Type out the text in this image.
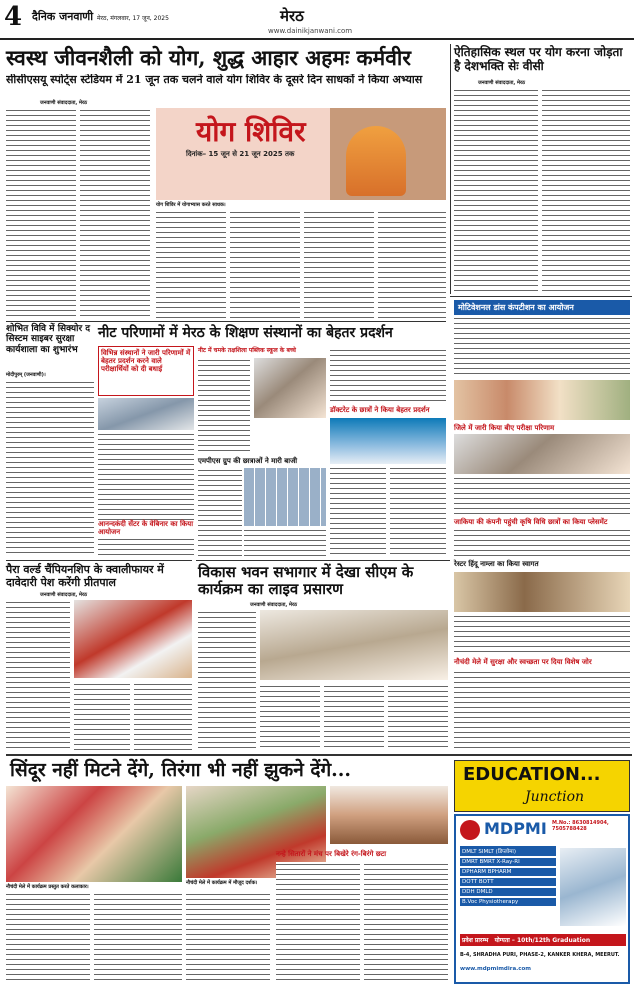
4 दैनिक जनवाणी मेरठ, मंगलवार, 17 जून, 2025	मेरठ
www.dainikjanwani.com
स्वस्थ जीवनशैली को योग, शुद्ध आहार अहमः कर्मवीर
सीसीएसयू स्पोर्ट्स स्टेडियम में 21 जून तक चलने वाले योग शिविर के दूसरे दिन साधकों ने किया अभ्यास
जनवाणी संवाददाता, मेरठ
योग शिविर
दिनांक– 15 जून से 21 जून 2025 तक
योग शिविर में योगाभ्यास करते साधक।
ऐतिहासिक स्थल पर योग करना जोड़ता है देशभक्ति सेः वीसी
जनवाणी संवाददाता, मेरठ
शोभित विवि में सिक्योर द सिस्टम साइबर सुरक्षा कार्यशाला का शुभारंभ
मोदीपुरम् (जनवाणी)।
नीट परिणामों में मेरठ के शिक्षण संस्थानों का बेहतर प्रदर्शन
विभिन्न संस्थानों ने जारी परिणामों में बेहतर प्रदर्शन करने वाले परीक्षार्थियों को दी बधाई
नीट में चमके तक्षशिला पब्लिक स्कूल के बच्चे
एमपीएस ग्रुप की छात्राओं ने मारी बाजी
डॉक्टरेट के छात्रों ने किया बेहतर प्रदर्शन
आनन्दकंदी सेंटर के वेबिनार का किया आयोजन
मोटिवेशनल डांस कंपटीशन का आयोजन
जिले में जारी किया बीए परीक्षा परिणाम
जाकिया की कंपनी पहुंची कृषि विधि छात्रों का किया प्लेसमेंट
पैरा वर्ल्ड चैंपियनशिप के क्वालीफायर में दावेदारी पेश करेंगी प्रीतपाल
जनवाणी संवाददाता, मेरठ
विकास भवन सभागार में देखा सीएम के कार्यक्रम का लाइव प्रसारण
जनवाणी संवाददाता, मेरठ
रेस्टर हिंदू नाम्ला का किया स्वागत
नौचंदी मेले में सुरक्षा और स्वच्छता पर दिया विशेष जोर
सिंदूर नहीं मिटने देंगे, तिरंगा भी नहीं झुकने देंगे...
नौचंदी मेले में कार्यक्रम प्रस्तुत करते कलाकार।
नौचंदी मेले में कार्यक्रम में मौजूद दर्शक।
नन्हे सितारों ने मंच पर बिखेरे रंग-बिरंगे छटा
EDUCATION...
Junction
MDPMI M.No.: 8630814904, 7505788428
DMLT SIMLT (डिप्लोमा)
DMRT BMRT X-Ray-RI
DPHARM BPHARM
DOTT BOTT
DDH DMLD
B.Voc Physiotherapy
प्रवेश प्रारम्भ योग्यता – 10th/12th Graduation
B-4, SHRADHA PURI, PHASE-2, KANKER KHERA, MEERUT.
www.mdpmimdira.com
